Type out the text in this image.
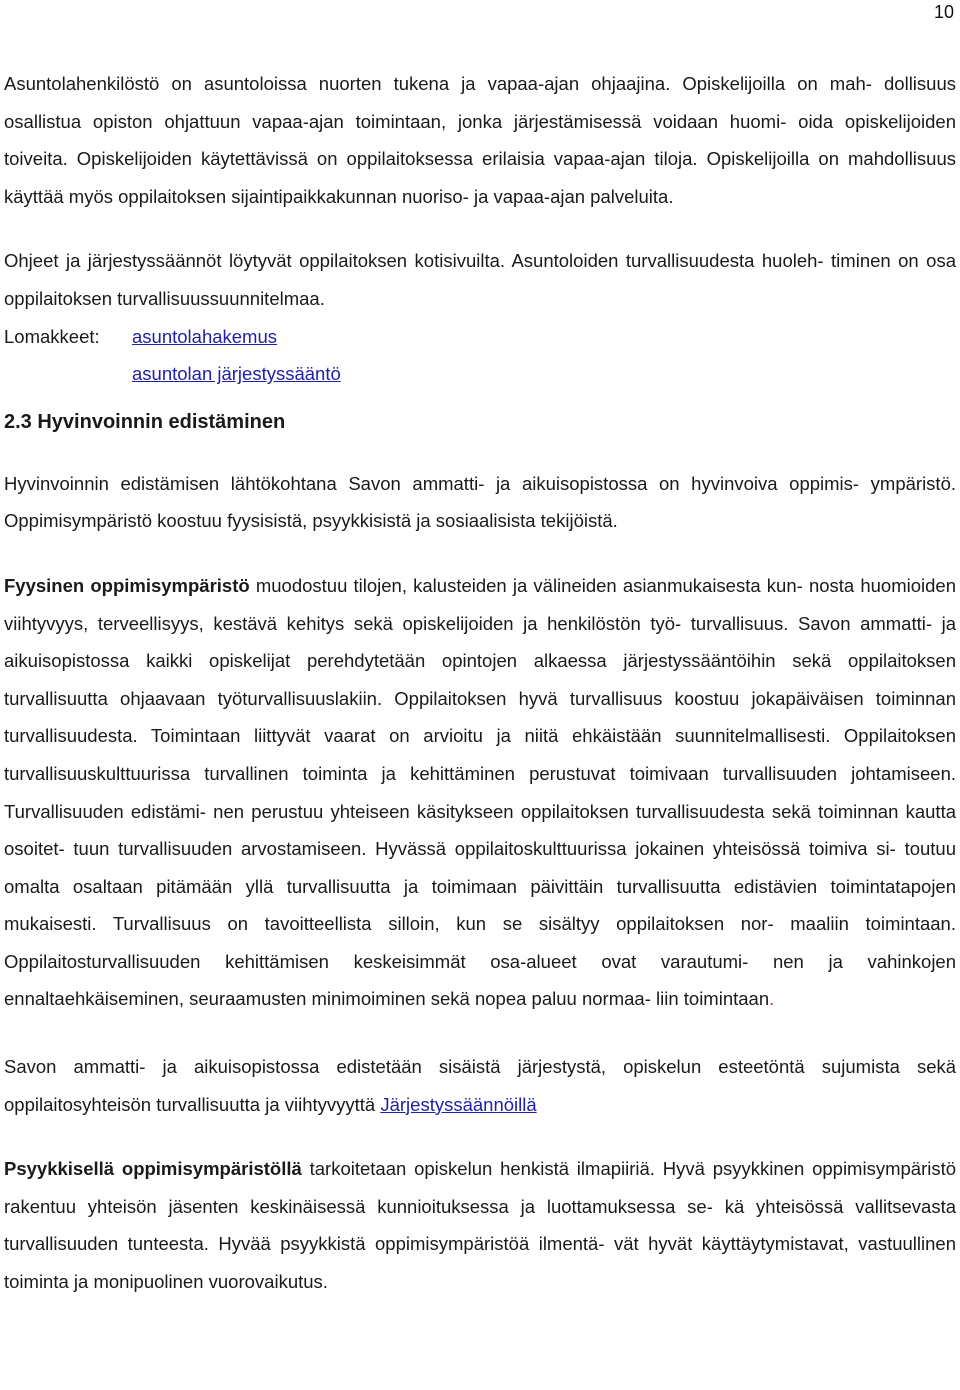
10

Asuntolahenkilöstö on asuntoloissa nuorten tukena ja vapaa-ajan ohjaajina. Opiskelijoilla on mah- dollisuus osallistua opiston ohjattuun vapaa-ajan toimintaan, jonka järjestämisessä voidaan huomi- oida opiskelijoiden toiveita. Opiskelijoiden käytettävissä on oppilaitoksessa erilaisia vapaa-ajan tiloja. Opiskelijoilla on mahdollisuus käyttää myös oppilaitoksen sijaintipaikkakunnan nuoriso- ja vapaa-ajan palveluita.

Ohjeet ja järjestyssäännöt löytyvät oppilaitoksen kotisivuilta. Asuntoloiden turvallisuudesta huoleh- timinen on osa oppilaitoksen turvallisuussuunnitelmaa.

Lomakkeet:	asuntolahakemus
asuntolan järjestyssääntö
2.3 Hyvinvoinnin edistäminen

Hyvinvoinnin edistämisen lähtökohtana Savon ammatti- ja aikuisopistossa on hyvinvoiva oppimis- ympäristö. Oppimisympäristö koostuu fyysisistä, psyykkisistä ja sosiaalisista tekijöistä.

Fyysinen oppimisympäristö muodostuu tilojen, kalusteiden ja välineiden asianmukaisesta kun- nosta huomioiden viihtyvyys, terveellisyys, kestävä kehitys sekä opiskelijoiden ja henkilöstön työ- turvallisuus. Savon ammatti- ja aikuisopistossa kaikki opiskelijat perehdytetään opintojen alkaessa järjestyssääntöihin sekä oppilaitoksen turvallisuutta ohjaavaan työturvallisuuslakiin. Oppilaitoksen hyvä turvallisuus koostuu jokapäiväisen toiminnan turvallisuudesta. Toimintaan liittyvät vaarat on arvioitu ja niitä ehkäistään suunnitelmallisesti. Oppilaitoksen turvallisuuskulttuurissa turvallinen toiminta ja kehittäminen perustuvat toimivaan turvallisuuden johtamiseen. Turvallisuuden edistämi- nen perustuu yhteiseen käsitykseen oppilaitoksen turvallisuudesta sekä toiminnan kautta osoitet- tuun turvallisuuden arvostamiseen. Hyvässä oppilaitoskulttuurissa jokainen yhteisössä toimiva si- toutuu omalta osaltaan pitämään yllä turvallisuutta ja toimimaan päivittäin turvallisuutta edistävien toimintatapojen mukaisesti. Turvallisuus on tavoitteellista silloin, kun se sisältyy oppilaitoksen nor- maaliin toimintaan. Oppilaitosturvallisuuden kehittämisen keskeisimmät osa-alueet ovat varautumi- nen ja vahinkojen ennaltaehkäiseminen, seuraamusten minimoiminen sekä nopea paluu normaa- liin toimintaan.

Savon ammatti- ja aikuisopistossa edistetään sisäistä järjestystä, opiskelun esteetöntä sujumista sekä oppilaitosyhteisön turvallisuutta ja viihtyvyyttä Järjestyssäännöillä

Psyykkisellä oppimisympäristöllä tarkoitetaan opiskelun henkistä ilmapiiriä. Hyvä psyykkinen oppimisympäristö rakentuu yhteisön jäsenten keskinäisessä kunnioituksessa ja luottamuksessa se- kä yhteisössä vallitsevasta turvallisuuden tunteesta. Hyvää psyykkistä oppimisympäristöä ilmentä- vät hyvät käyttäytymistavat, vastuullinen toiminta ja monipuolinen vuorovaikutus.
